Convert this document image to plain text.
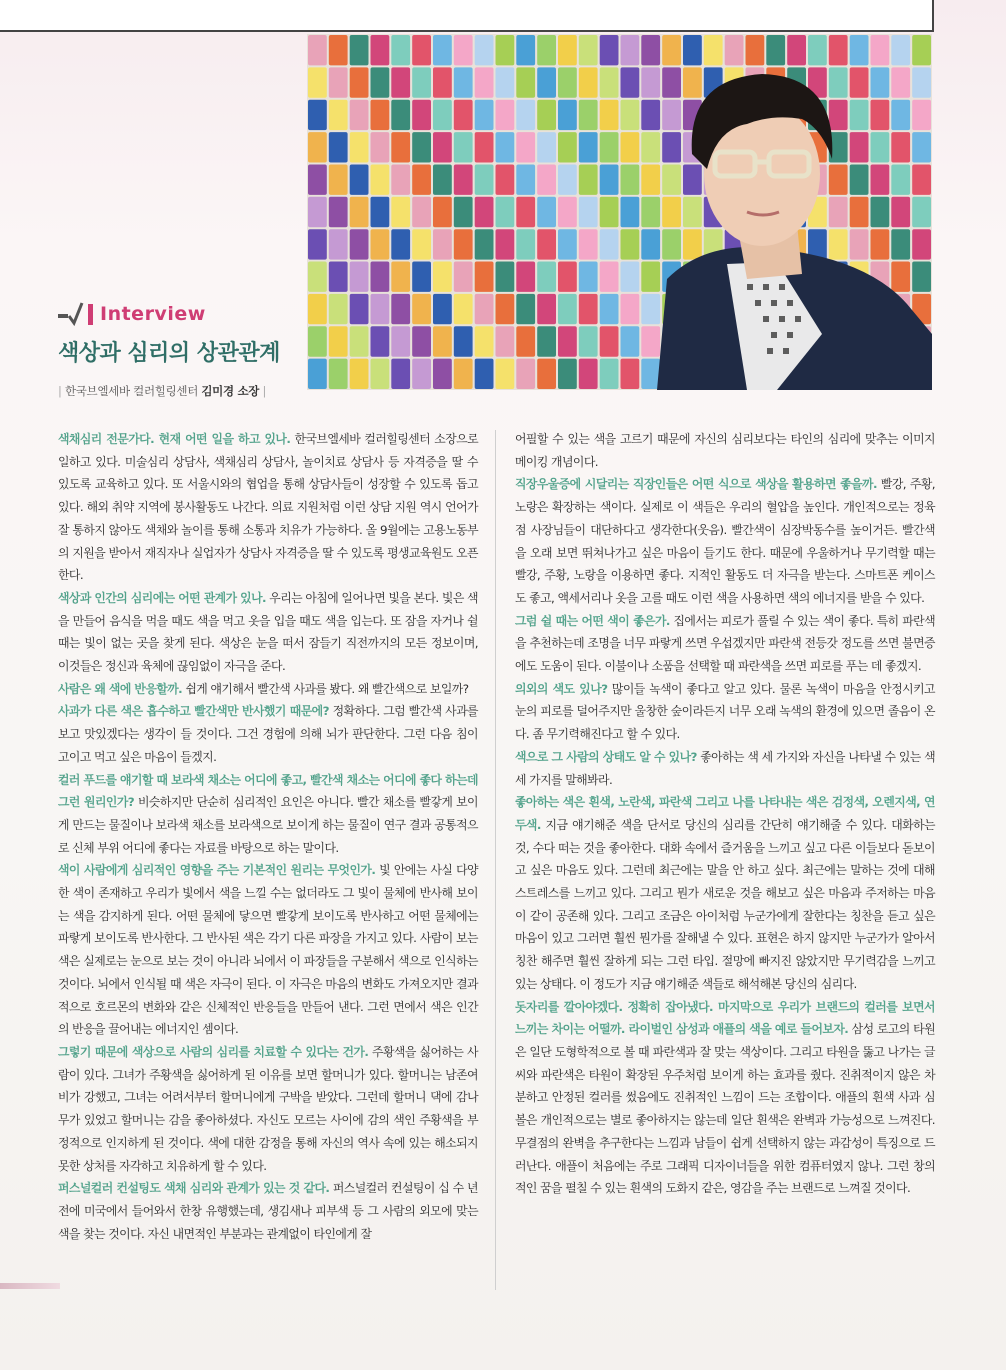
Interview
색상과 심리의 상관관계
| 한국브엘세바 컬러힐링센터 김미경 소장 |

색채심리 전문가다. 현재 어떤 일을 하고 있나. 한국브엘세바 컬러힐링센터 소장으로 일하고 있다. 미술심리 상담사, 색채심리 상담사, 놀이치료 상담사 등 자격증을 딸 수 있도록 교육하고 있다. 또 서울시와의 협업을 통해 상담사들이 성장할 수 있도록 돕고 있다. 해외 취약 지역에 봉사활동도 나간다. 의료 지원처럼 이런 상담 지원 역시 언어가 잘 통하지 않아도 색채와 놀이를 통해 소통과 치유가 가능하다. 올 9월에는 고용노동부의 지원을 받아서 재직자나 실업자가 상담사 자격증을 딸 수 있도록 평생교육원도 오픈한다.

색상과 인간의 심리에는 어떤 관계가 있나. 우리는 아침에 일어나면 빛을 본다. 빛은 색을 만들어 음식을 먹을 때도 색을 먹고 옷을 입을 때도 색을 입는다. 또 잠을 자거나 쉴 때는 빛이 없는 곳을 찾게 된다. 색상은 눈을 떠서 잠들기 직전까지의 모든 정보이며, 이것들은 정신과 육체에 끊임없이 자극을 준다.

사람은 왜 색에 반응할까. 쉽게 얘기해서 빨간색 사과를 봤다. 왜 빨간색으로 보일까?

사과가 다른 색은 흡수하고 빨간색만 반사했기 때문에? 정확하다. 그럼 빨간색 사과를 보고 맛있겠다는 생각이 들 것이다. 그건 경험에 의해 뇌가 판단한다. 그런 다음 침이 고이고 먹고 싶은 마음이 들겠지.

컬러 푸드를 얘기할 때 보라색 채소는 어디에 좋고, 빨간색 채소는 어디에 좋다 하는데 그런 원리인가? 비슷하지만 단순히 심리적인 요인은 아니다. 빨간 채소를 빨갛게 보이게 만드는 물질이나 보라색 채소를 보라색으로 보이게 하는 물질이 연구 결과 공통적으로 신체 부위 어디에 좋다는 자료를 바탕으로 하는 말이다.

색이 사람에게 심리적인 영향을 주는 기본적인 원리는 무엇인가. 빛 안에는 사실 다양한 색이 존재하고 우리가 빛에서 색을 느낄 수는 없더라도 그 빛이 물체에 반사해 보이는 색을 감지하게 된다. 어떤 물체에 닿으면 빨갛게 보이도록 반사하고 어떤 물체에는 파랗게 보이도록 반사한다. 그 반사된 색은 각기 다른 파장을 가지고 있다. 사람이 보는 색은 실제로는 눈으로 보는 것이 아니라 뇌에서 이 파장들을 구분해서 색으로 인식하는 것이다. 뇌에서 인식될 때 색은 자극이 된다. 이 자극은 마음의 변화도 가져오지만 결과적으로 호르몬의 변화와 같은 신체적인 반응들을 만들어 낸다. 그런 면에서 색은 인간의 반응을 끌어내는 에너지인 셈이다.

그렇기 때문에 색상으로 사람의 심리를 치료할 수 있다는 건가. 주황색을 싫어하는 사람이 있다. 그녀가 주황색을 싫어하게 된 이유를 보면 할머니가 있다. 할머니는 남존여비가 강했고, 그녀는 어려서부터 할머니에게 구박을 받았다. 그런데 할머니 댁에 감나무가 있었고 할머니는 감을 좋아하셨다. 자신도 모르는 사이에 감의 색인 주황색을 부정적으로 인지하게 된 것이다. 색에 대한 감정을 통해 자신의 역사 속에 있는 해소되지 못한 상처를 자각하고 치유하게 할 수 있다.

퍼스널컬러 컨설팅도 색채 심리와 관계가 있는 것 같다. 퍼스널컬러 컨설팅이 십 수 년 전에 미국에서 들어와서 한창 유행했는데, 생김새나 피부색 등 그 사람의 외모에 맞는 색을 찾는 것이다. 자신 내면적인 부분과는 관계없이 타인에게 잘

어필할 수 있는 색을 고르기 때문에 자신의 심리보다는 타인의 심리에 맞추는 이미지 메이킹 개념이다.

직장우울증에 시달리는 직장인들은 어떤 식으로 색상을 활용하면 좋을까. 빨강, 주황, 노랑은 확장하는 색이다. 실제로 이 색들은 우리의 혈압을 높인다. 개인적으로는 정육점 사장님들이 대단하다고 생각한다(웃음). 빨간색이 심장박동수를 높이거든. 빨간색을 오래 보면 뛰쳐나가고 싶은 마음이 들기도 한다. 때문에 우울하거나 무기력할 때는 빨강, 주황, 노랑을 이용하면 좋다. 지적인 활동도 더 자극을 받는다. 스마트폰 케이스도 좋고, 액세서리나 옷을 고를 때도 이런 색을 사용하면 색의 에너지를 받을 수 있다.

그럼 쉴 때는 어떤 색이 좋은가. 집에서는 피로가 풀릴 수 있는 색이 좋다. 특히 파란색을 추천하는데 조명을 너무 파랗게 쓰면 우섭겠지만 파란색 전등갓 정도를 쓰면 불면증에도 도움이 된다. 이불이나 소품을 선택할 때 파란색을 쓰면 피로를 푸는 데 좋겠지.

의외의 색도 있나? 많이들 녹색이 좋다고 알고 있다. 물론 녹색이 마음을 안정시키고 눈의 피로를 덜어주지만 울창한 숲이라든지 너무 오래 녹색의 환경에 있으면 졸음이 온다. 좀 무기력해진다고 할 수 있다.

색으로 그 사람의 상태도 알 수 있나? 좋아하는 색 세 가지와 자신을 나타낼 수 있는 색 세 가지를 말해봐라.

좋아하는 색은 흰색, 노란색, 파란색 그리고 나를 나타내는 색은 검정색, 오렌지색, 연두색. 지금 얘기해준 색을 단서로 당신의 심리를 간단히 얘기해줄 수 있다. 대화하는 것, 수다 떠는 것을 좋아한다. 대화 속에서 즐거움을 느끼고 싶고 다른 이들보다 돋보이고 싶은 마음도 있다. 그런데 최근에는 말을 안 하고 싶다. 최근에는 말하는 것에 대해 스트레스를 느끼고 있다. 그리고 뭔가 새로운 것을 해보고 싶은 마음과 주저하는 마음이 같이 공존해 있다. 그리고 조금은 아이처럼 누군가에게 잘한다는 칭찬을 듣고 싶은 마음이 있고 그러면 훨씬 뭔가를 잘해낼 수 있다. 표현은 하지 않지만 누군가가 알아서 칭찬 해주면 훨씬 잘하게 되는 그런 타입. 절망에 빠지진 않았지만 무기력감을 느끼고 있는 상태다. 이 정도가 지금 얘기해준 색들로 해석해본 당신의 심리다.

돗자리를 깔아야겠다. 정확히 잡아냈다. 마지막으로 우리가 브랜드의 컬러를 보면서 느끼는 차이는 어떨까. 라이벌인 삼성과 애플의 색을 예로 들어보자. 삼성 로고의 타원은 일단 도형학적으로 볼 때 파란색과 잘 맞는 색상이다. 그리고 타원을 뚫고 나가는 글씨와 파란색은 타원이 확장된 우주처럼 보이게 하는 효과를 줬다. 진취적이지 않은 차분하고 안정된 컬러를 썼음에도 진취적인 느낌이 드는 조합이다. 애플의 흰색 사과 심볼은 개인적으로는 별로 좋아하지는 않는데 일단 흰색은 완벽과 가능성으로 느껴진다. 무결점의 완벽을 추구한다는 느낌과 남들이 쉽게 선택하지 않는 과감성이 특징으로 드러난다. 애플이 처음에는 주로 그래픽 디자이너들을 위한 컴퓨터였지 않나. 그런 창의적인 꿈을 펼칠 수 있는 흰색의 도화지 같은, 영감을 주는 브랜드로 느껴질 것이다.
